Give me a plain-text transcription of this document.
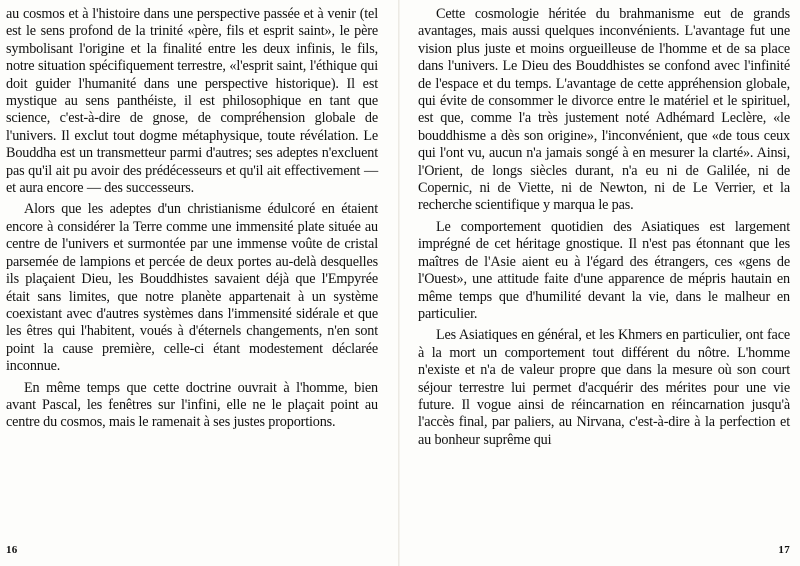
au cosmos et à l'histoire dans une perspective passée et à venir (tel est le sens profond de la trinité «père, fils et esprit saint», le père symbolisant l'origine et la finalité entre les deux infinis, le fils, notre situation spécifiquement terrestre, «l'esprit saint, l'éthique qui doit guider l'humanité dans une perspective historique). Il est mystique au sens panthéiste, il est philosophique en tant que science, c'est-à-dire de gnose, de compréhension globale de l'univers. Il exclut tout dogme métaphysique, toute révélation. Le Bouddha est un transmetteur parmi d'autres; ses adeptes n'excluent pas qu'il ait pu avoir des prédécesseurs et qu'il ait effectivement — et aura encore — des successeurs.

Alors que les adeptes d'un christianisme édulcoré en étaient encore à considérer la Terre comme une immensité plate située au centre de l'univers et surmontée par une immense voûte de cristal parsemée de lampions et percée de deux portes au-delà desquelles ils plaçaient Dieu, les Bouddhistes savaient déjà que l'Empyrée était sans limites, que notre planète appartenait à un système coexistant avec d'autres systèmes dans l'immensité sidérale et que les êtres qui l'habitent, voués à d'éternels changements, n'en sont point la cause première, celle-ci étant modestement déclarée inconnue.

En même temps que cette doctrine ouvrait à l'homme, bien avant Pascal, les fenêtres sur l'infini, elle ne le plaçait point au centre du cosmos, mais le ramenait à ses justes proportions.

16

Cette cosmologie héritée du brahmanisme eut de grands avantages, mais aussi quelques inconvénients. L'avantage fut une vision plus juste et moins orgueilleuse de l'homme et de sa place dans l'univers. Le Dieu des Bouddhistes se confond avec l'infinité de l'espace et du temps. L'avantage de cette appréhension globale, qui évite de consommer le divorce entre le matériel et le spirituel, est que, comme l'a très justement noté Adhémard Leclère, «le bouddhisme a dès son origine», l'inconvénient, que «de tous ceux qui l'ont vu, aucun n'a jamais songé à en mesurer la clarté». Ainsi, l'Orient, de longs siècles durant, n'a eu ni de Galilée, ni de Copernic, ni de Viette, ni de Newton, ni de Le Verrier, et la recherche scientifique y marqua le pas.

Le comportement quotidien des Asiatiques est largement imprégné de cet héritage gnostique. Il n'est pas étonnant que les maîtres de l'Asie aient eu à l'égard des étrangers, ces «gens de l'Ouest», une attitude faite d'une apparence de mépris hautain en même temps que d'humilité devant la vie, dans le malheur en particulier.

Les Asiatiques en général, et les Khmers en particulier, ont face à la mort un comportement tout différent du nôtre. L'homme n'existe et n'a de valeur propre que dans la mesure où son court séjour terrestre lui permet d'acquérir des mérites pour une vie future. Il vogue ainsi de réincarnation en réincarnation jusqu'à l'accès final, par paliers, au Nirvana, c'est-à-dire à la perfection et au bonheur suprême qui

17
